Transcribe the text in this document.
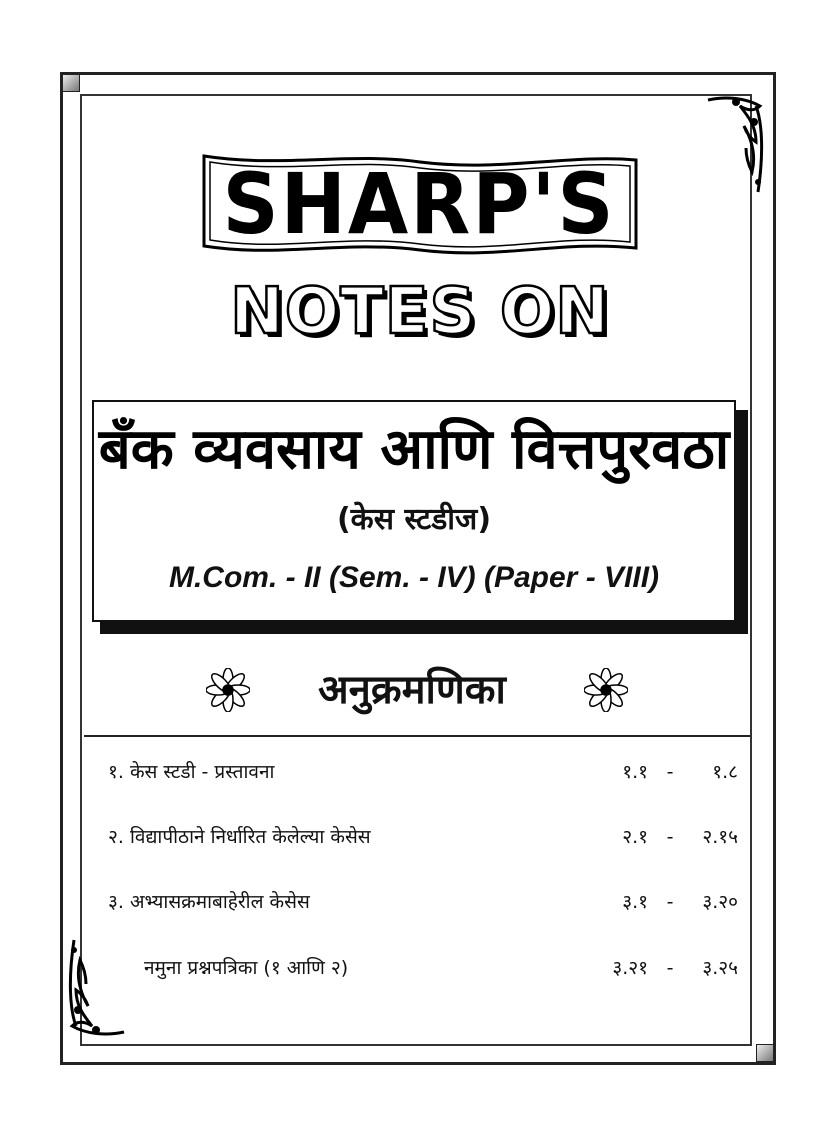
SHARP'S
NOTES ON
बँक व्यवसाय आणि वित्तपुरवठा
(केस स्टडीज)
M.Com. - II (Sem. - IV) (Paper - VIII)
अनुक्रमणिका
१. केस स्टडी - प्रस्तावना	१.१ -	१.८
२. विद्यापीठाने निर्धारित केलेल्या केसेस	२.१ -	२.१५
३. अभ्यासक्रमाबाहेरील केसेस	३.१ -	३.२०
नमुना प्रश्नपत्रिका (१ आणि २)	३.२१ -	३.२५
